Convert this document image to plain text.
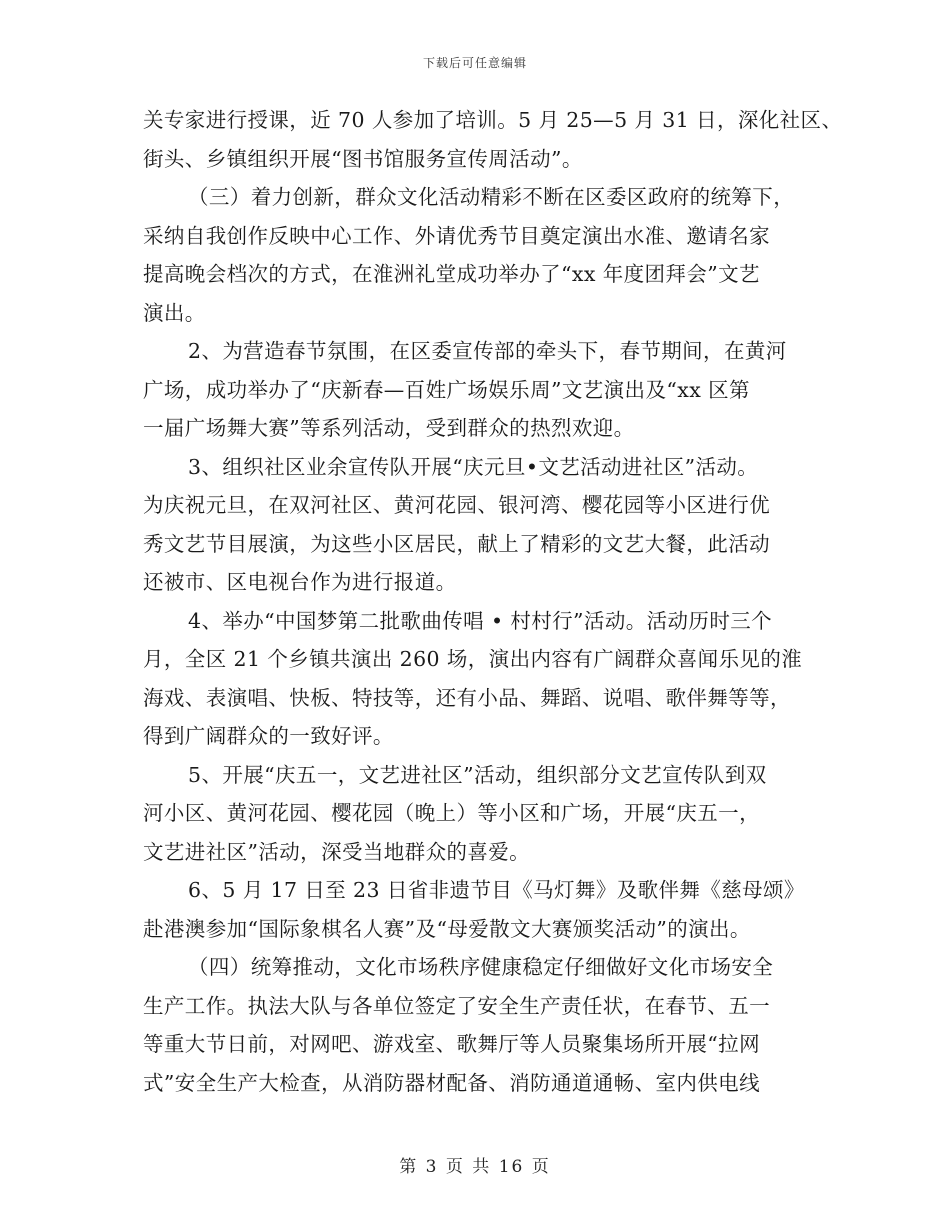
下载后可任意编辑
关专家进行授课，近 70 人参加了培训。5 月 25—5 月 31 日，深化社区、
街头、乡镇组织开展“图书馆服务宣传周活动”。
（三）着力创新，群众文化活动精彩不断在区委区政府的统筹下，
采纳自我创作反映中心工作、外请优秀节目奠定演出水准、邀请名家
提高晚会档次的方式，在淮洲礼堂成功举办了“xx 年度团拜会”文艺
演出。
2、为营造春节氛围，在区委宣传部的牵头下，春节期间，在黄河
广场，成功举办了“庆新春—百姓广场娱乐周”文艺演出及“xx 区第
一届广场舞大赛”等系列活动，受到群众的热烈欢迎。
3、组织社区业余宣传队开展“庆元旦•文艺活动进社区”活动。
为庆祝元旦，在双河社区、黄河花园、银河湾、樱花园等小区进行优
秀文艺节目展演，为这些小区居民，献上了精彩的文艺大餐，此活动
还被市、区电视台作为进行报道。
4、举办“中国梦第二批歌曲传唱 • 村村行”活动。活动历时三个
月，全区 21 个乡镇共演出 260 场，演出内容有广阔群众喜闻乐见的淮
海戏、表演唱、快板、特技等，还有小品、舞蹈、说唱、歌伴舞等等，
得到广阔群众的一致好评。
5、开展“庆五一，文艺进社区”活动，组织部分文艺宣传队到双
河小区、黄河花园、樱花园（晚上）等小区和广场，开展“庆五一，
文艺进社区”活动，深受当地群众的喜爱。
6、5 月 17 日至 23 日省非遗节目《马灯舞》及歌伴舞《慈母颂》
赴港澳参加“国际象棋名人赛”及“母爱散文大赛颁奖活动”的演出。
（四）统筹推动，文化市场秩序健康稳定仔细做好文化市场安全
生产工作。执法大队与各单位签定了安全生产责任状，在春节、五一
等重大节日前，对网吧、游戏室、歌舞厅等人员聚集场所开展“拉网
式”安全生产大检查，从消防器材配备、消防通道通畅、室内供电线
第 3 页 共 16 页
